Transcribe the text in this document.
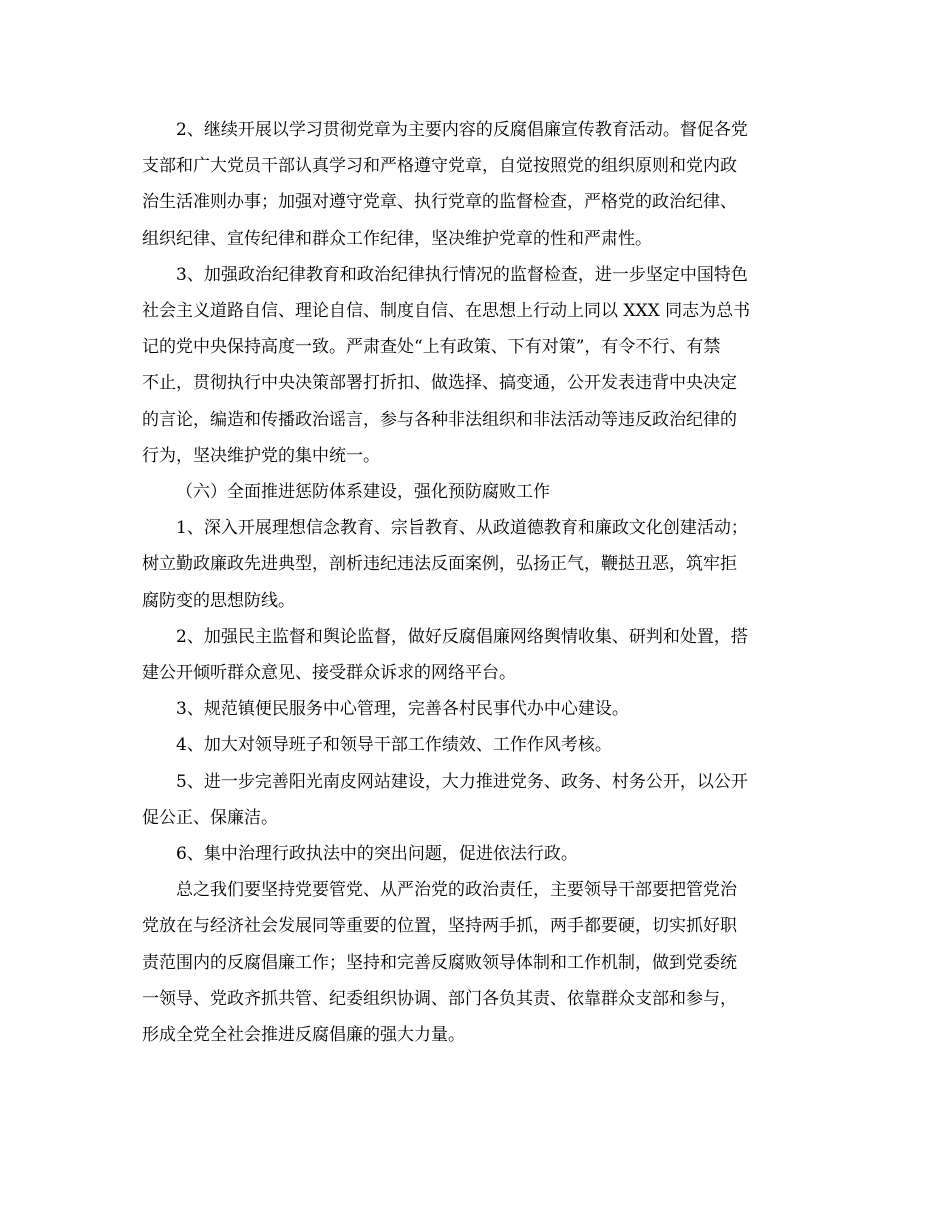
2、继续开展以学习贯彻党章为主要内容的反腐倡廉宣传教育活动。督促各党
支部和广大党员干部认真学习和严格遵守党章，自觉按照党的组织原则和党内政
治生活准则办事；加强对遵守党章、执行党章的监督检查，严格党的政治纪律、
组织纪律、宣传纪律和群众工作纪律，坚决维护党章的性和严肃性。

3、加强政治纪律教育和政治纪律执行情况的监督检查，进一步坚定中国特色
社会主义道路自信、理论自信、制度自信、在思想上行动上同以 XXX 同志为总书
记的党中央保持高度一致。严肃查处“上有政策、下有对策”，有令不行、有禁
不止，贯彻执行中央决策部署打折扣、做选择、搞变通，公开发表违背中央决定
的言论，编造和传播政治谣言，参与各种非法组织和非法活动等违反政治纪律的
行为，坚决维护党的集中统一。

（六）全面推进惩防体系建设，强化预防腐败工作

1、深入开展理想信念教育、宗旨教育、从政道德教育和廉政文化创建活动；
树立勤政廉政先进典型，剖析违纪违法反面案例，弘扬正气，鞭挞丑恶，筑牢拒
腐防变的思想防线。

2、加强民主监督和舆论监督，做好反腐倡廉网络舆情收集、研判和处置，搭
建公开倾听群众意见、接受群众诉求的网络平台。

3、规范镇便民服务中心管理，完善各村民事代办中心建设。

4、加大对领导班子和领导干部工作绩效、工作作风考核。

5、进一步完善阳光南皮网站建设，大力推进党务、政务、村务公开，以公开
促公正、保廉洁。

6、集中治理行政执法中的突出问题，促进依法行政。

总之我们要坚持党要管党、从严治党的政治责任，主要领导干部要把管党治
党放在与经济社会发展同等重要的位置，坚持两手抓，两手都要硬，切实抓好职
责范围内的反腐倡廉工作；坚持和完善反腐败领导体制和工作机制，做到党委统
一领导、党政齐抓共管、纪委组织协调、部门各负其责、依靠群众支部和参与，
形成全党全社会推进反腐倡廉的强大力量。
